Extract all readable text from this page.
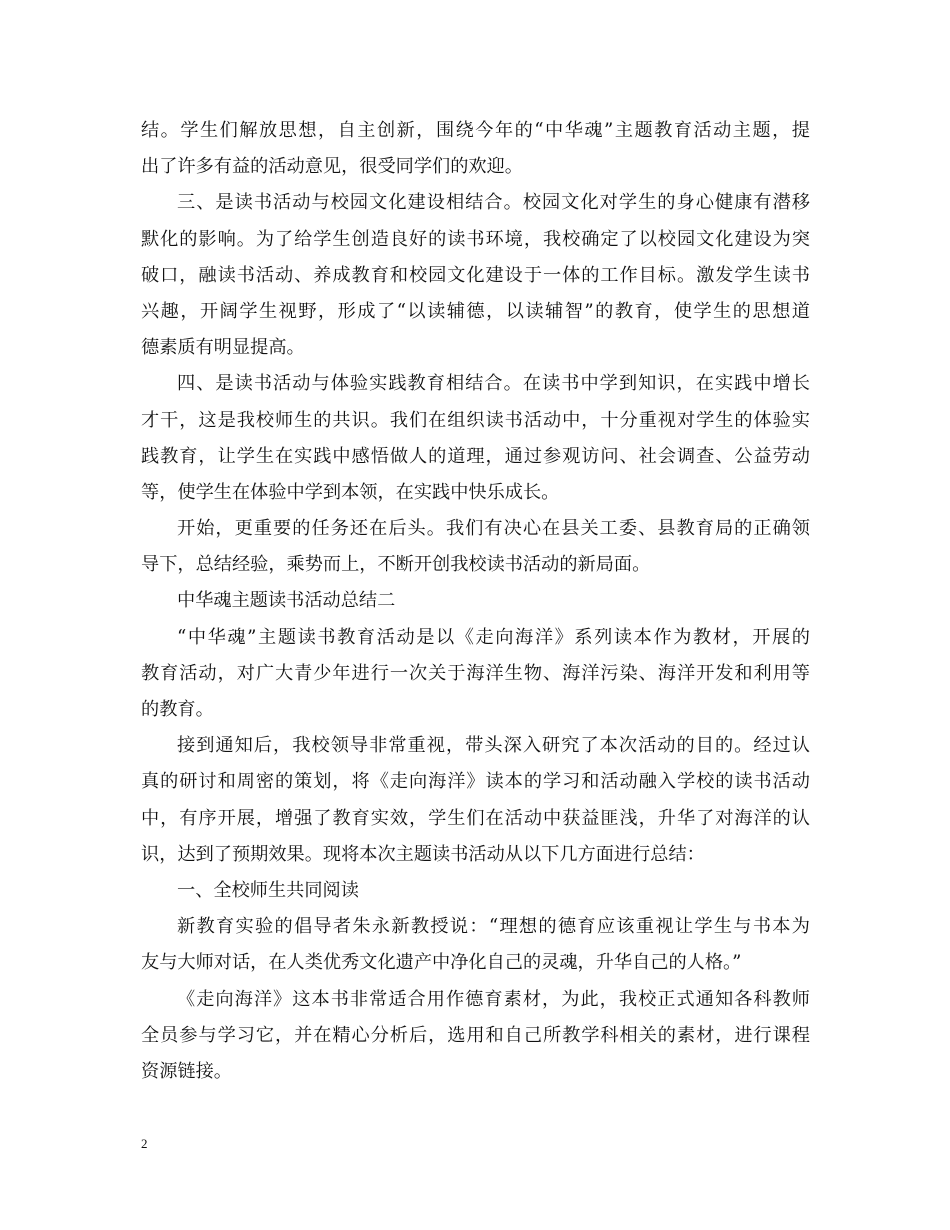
结。学生们解放思想，自主创新，围绕今年的“中华魂”主题教育活动主题，提
出了许多有益的活动意见，很受同学们的欢迎。
三、是读书活动与校园文化建设相结合。校园文化对学生的身心健康有潜移
默化的影响。为了给学生创造良好的读书环境，我校确定了以校园文化建设为突
破口，融读书活动、养成教育和校园文化建设于一体的工作目标。激发学生读书
兴趣，开阔学生视野，形成了“以读辅德，以读辅智”的教育，使学生的思想道
德素质有明显提高。
四、是读书活动与体验实践教育相结合。在读书中学到知识，在实践中增长
才干，这是我校师生的共识。我们在组织读书活动中，十分重视对学生的体验实
践教育，让学生在实践中感悟做人的道理，通过参观访问、社会调查、公益劳动
等，使学生在体验中学到本领，在实践中快乐成长。
开始，更重要的任务还在后头。我们有决心在县关工委、县教育局的正确领
导下，总结经验，乘势而上，不断开创我校读书活动的新局面。
中华魂主题读书活动总结二
“中华魂”主题读书教育活动是以《走向海洋》系列读本作为教材，开展的
教育活动，对广大青少年进行一次关于海洋生物、海洋污染、海洋开发和利用等
的教育。
接到通知后，我校领导非常重视，带头深入研究了本次活动的目的。经过认
真的研讨和周密的策划，将《走向海洋》读本的学习和活动融入学校的读书活动
中，有序开展，增强了教育实效，学生们在活动中获益匪浅，升华了对海洋的认
识，达到了预期效果。现将本次主题读书活动从以下几方面进行总结：
一、全校师生共同阅读
新教育实验的倡导者朱永新教授说：“理想的德育应该重视让学生与书本为
友与大师对话，在人类优秀文化遗产中净化自己的灵魂，升华自己的人格。”
《走向海洋》这本书非常适合用作德育素材，为此，我校正式通知各科教师
全员参与学习它，并在精心分析后，选用和自己所教学科相关的素材，进行课程
资源链接。
2
